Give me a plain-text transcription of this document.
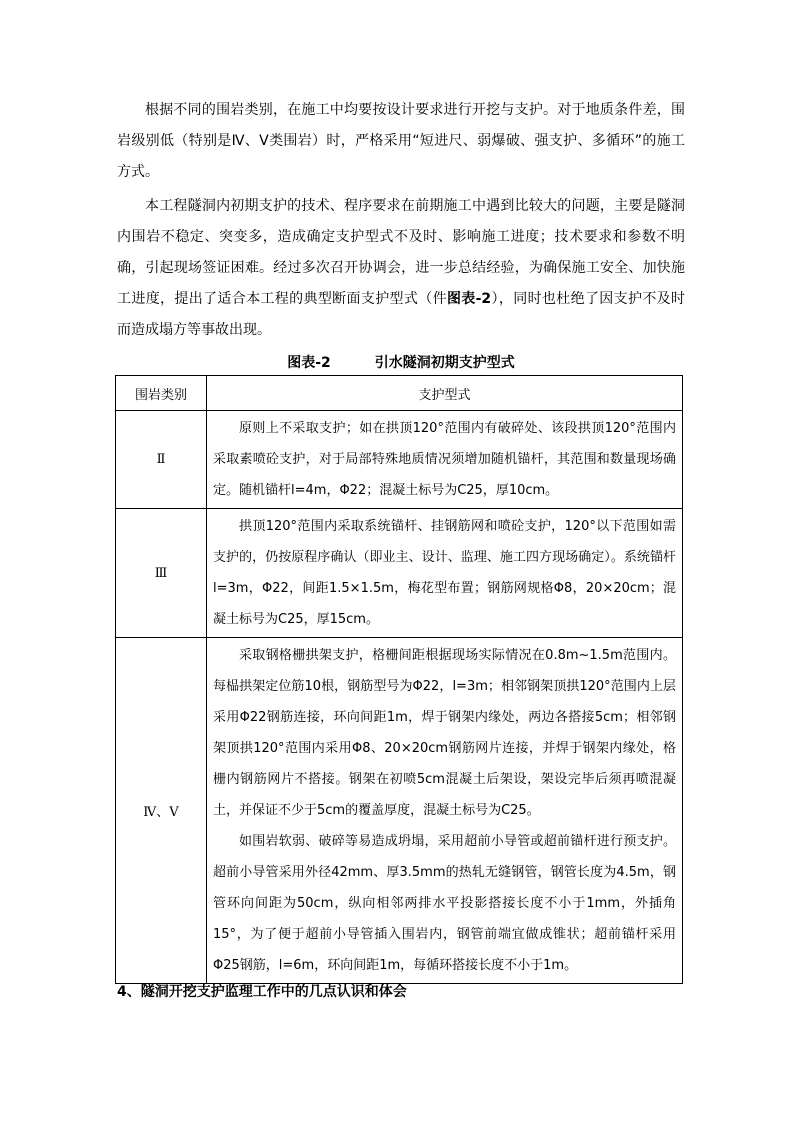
根据不同的围岩类别，在施工中均要按设计要求进行开挖与支护。对于地质条件差，围岩级别低（特别是Ⅳ、Ⅴ类围岩）时，严格采用“短进尺、弱爆破、强支护、多循环”的施工方式。

本工程隧洞内初期支护的技术、程序要求在前期施工中遇到比较大的问题，主要是隧洞内围岩不稳定、突变多，造成确定支护型式不及时、影响施工进度；技术要求和参数不明确，引起现场签证困难。经过多次召开协调会，进一步总结经验，为确保施工安全、加快施工进度，提出了适合本工程的典型断面支护型式（件图表-2），同时也杜绝了因支护不及时而造成塌方等事故出现。

图表-2	引水隧洞初期支护型式
围岩类别	支护型式
Ⅱ	原则上不采取支护；如在拱顶120°范围内有破碎处、该段拱顶120°范围内采取素喷砼支护，对于局部特殊地质情况须增加随机锚杆，其范围和数量现场确定。随机锚杆l=4m，Φ22；混凝土标号为C25，厚10cm。

Ⅲ	拱顶120°范围内采取系统锚杆、挂钢筋网和喷砼支护，120°以下范围如需支护的，仍按原程序确认（即业主、设计、监理、施工四方现场确定）。系统锚杆l=3m，Φ22，间距1.5×1.5m，梅花型布置；钢筋网规格Φ8，20×20cm；混凝土标号为C25，厚15cm。

Ⅳ、Ⅴ	采取钢格栅拱架支护，格栅间距根据现场实际情况在0.8m~1.5m范围内。每榀拱架定位筋10根，钢筋型号为Φ22，l=3m；相邻钢架顶拱120°范围内上层采用Φ22钢筋连接，环向间距1m，焊于钢架内缘处，两边各搭接5cm；相邻钢架顶拱120°范围内采用Φ8、20×20cm钢筋网片连接，并焊于钢架内缘处，格栅内钢筋网片不搭接。钢架在初喷5cm混凝土后架设，架设完毕后须再喷混凝土，并保证不少于5cm的覆盖厚度，混凝土标号为C25。

如围岩软弱、破碎等易造成坍塌，采用超前小导管或超前锚杆进行预支护。超前小导管采用外径42mm、厚3.5mm的热轧无缝钢管，钢管长度为4.5m，钢管环向间距为50cm，纵向相邻两排水平投影搭接长度不小于1mm，外插角15°，为了便于超前小导管插入围岩内，钢管前端宜做成锥状；超前锚杆采用Φ25钢筋，l=6m，环向间距1m，每循环搭接长度不小于1m。

4、隧洞开挖支护监理工作中的几点认识和体会
